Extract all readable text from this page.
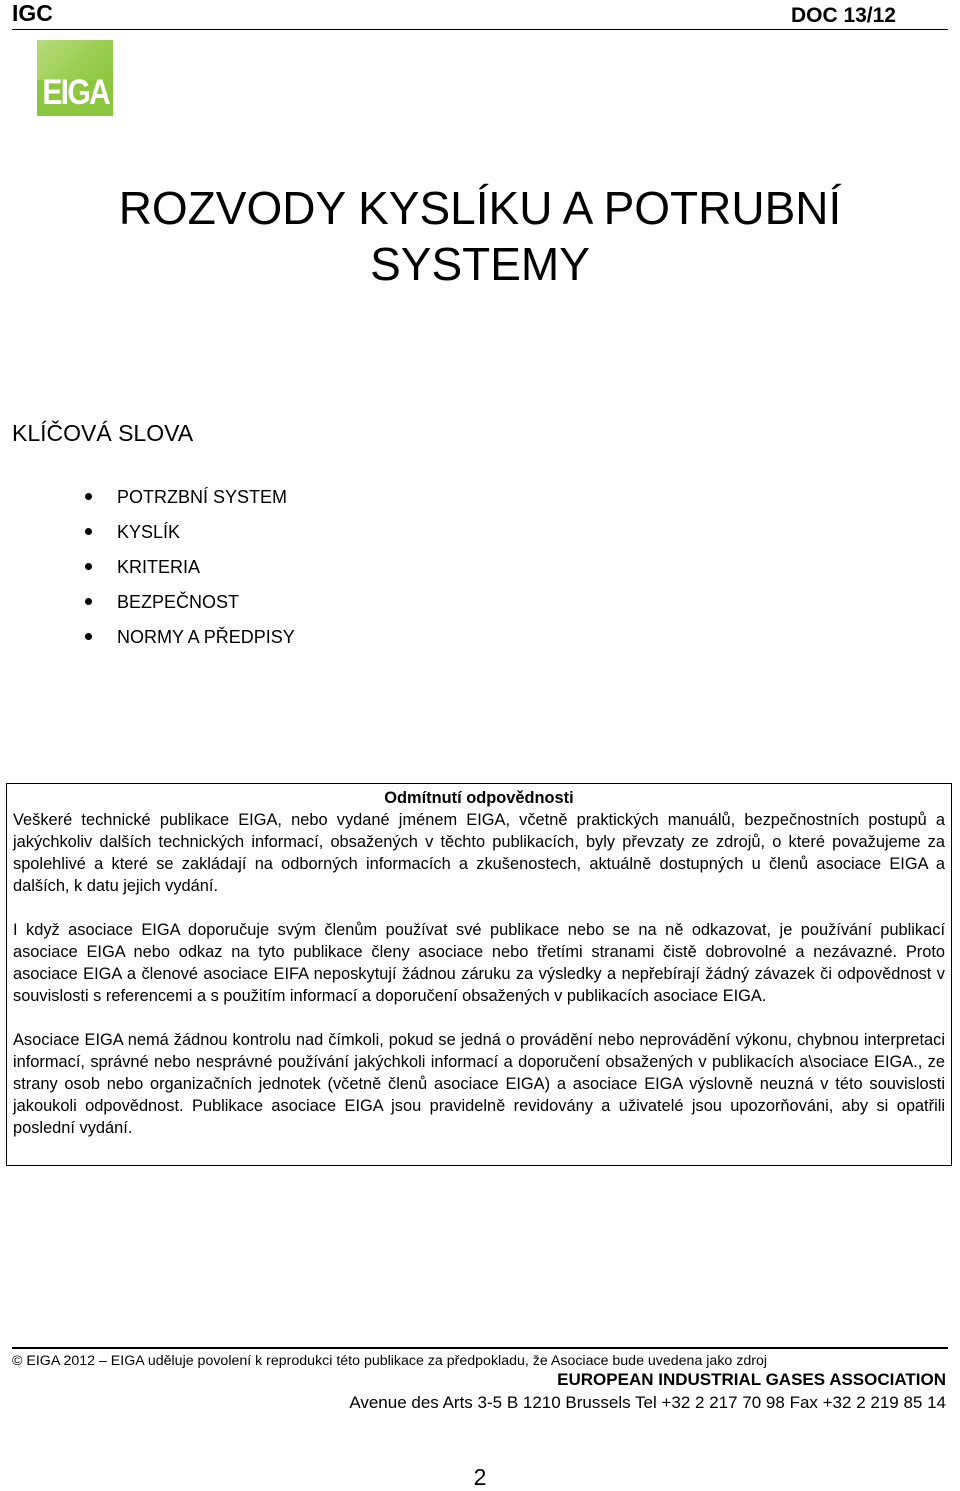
IGC	DOC 13/12
EIGA
ROZVODY KYSLÍKU A POTRUBNÍ
SYSTEMY
KLÍČOVÁ SLOVA
POTRZBNÍ SYSTEM
KYSLÍK
KRITERIA
BEZPEČNOST
NORMY A PŘEDPISY

Odmítnutí odpovědnosti

Veškeré technické publikace EIGA, nebo vydané jménem EIGA, včetně praktických manuálů, bezpečnostních postupů a jakýchkoliv dalších technických informací, obsažených v těchto publikacích, byly převzaty ze zdrojů, o které považujeme za spolehlivé a které se zakládají na odborných informacích a zkušenostech, aktuálně dostupných u členů asociace EIGA a dalších, k datu jejich vydání.

I když asociace EIGA doporučuje svým členům používat své publikace nebo se na ně odkazovat, je používání publikací asociace EIGA nebo odkaz na tyto publikace členy asociace nebo třetími stranami čistě dobrovolné a nezávazné. Proto asociace EIGA a členové asociace EIFA neposkytují žádnou záruku za výsledky a nepřebírají žádný závazek či odpovědnost v souvislosti s referencemi a s použitím informací a doporučení obsažených v publikacích asociace EIGA.

Asociace EIGA nemá žádnou kontrolu nad čímkoli, pokud se jedná o provádění nebo neprovádění výkonu, chybnou interpretaci informací, správné nebo nesprávné používání jakýchkoli informací a doporučení obsažených v publikacích a\sociace EIGA., ze strany osob nebo organizačních jednotek (včetně členů asociace EIGA) a asociace EIGA výslovně neuzná v této souvislosti jakoukoli odpovědnost. Publikace asociace EIGA jsou pravidelně revidovány a uživatelé jsou upozorňováni, aby si opatřili poslední vydání.

© EIGA 2012 – EIGA uděluje povolení k reprodukci této publikace za předpokladu, že Asociace bude uvedena jako zdroj
EUROPEAN INDUSTRIAL GASES ASSOCIATION
Avenue des Arts 3-5 B 1210 Brussels Tel +32 2 217 70 98 Fax +32 2 219 85 14
2
